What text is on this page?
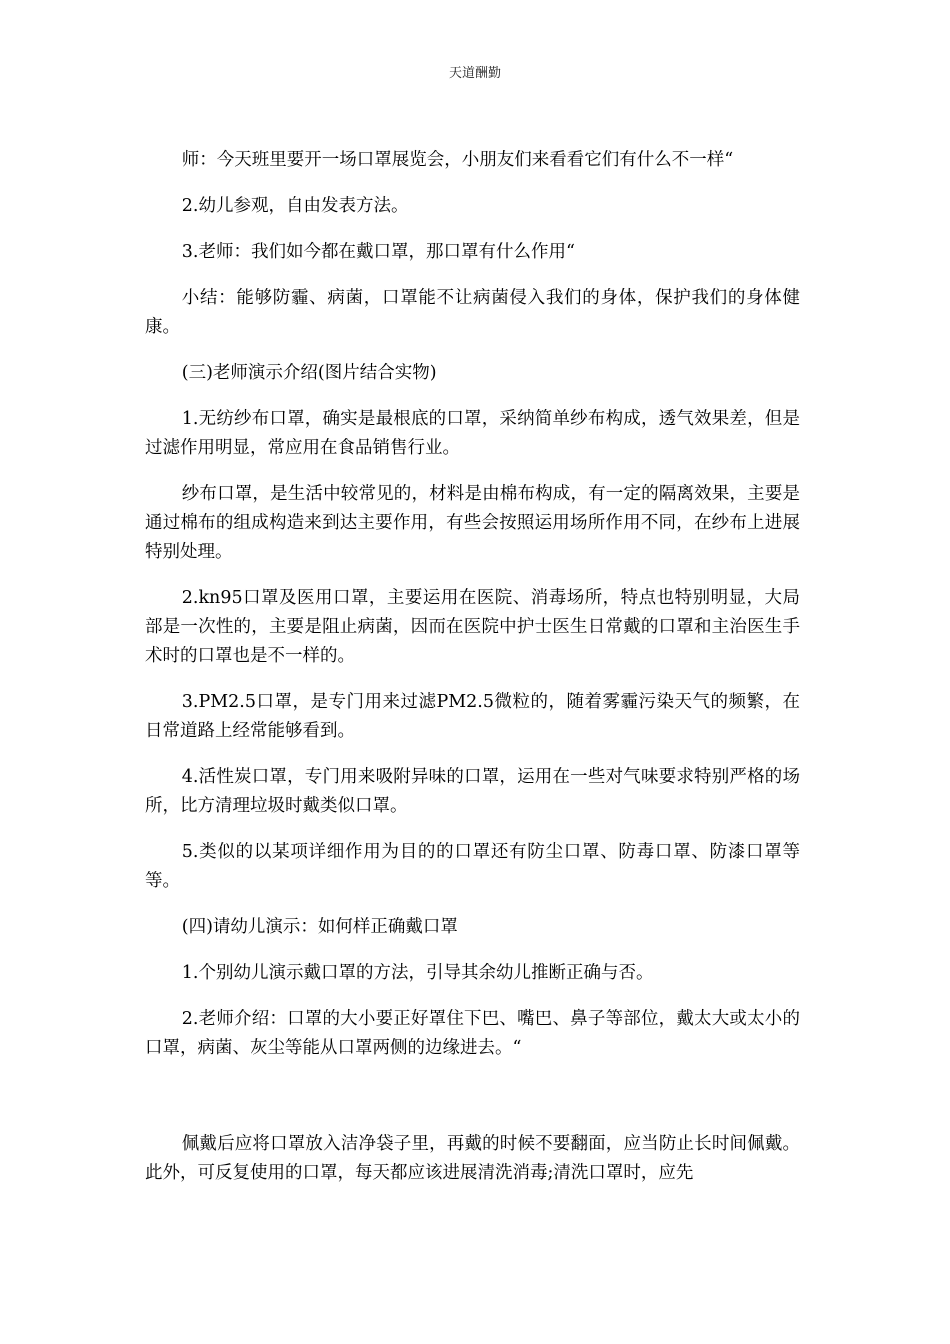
天道酬勤

师：今天班里要开一场口罩展览会，小朋友们来看看它们有什么不一样“

2.幼儿参观，自由发表方法。

3.老师：我们如今都在戴口罩，那口罩有什么作用“

小结：能够防霾、病菌，口罩能不让病菌侵入我们的身体，保护我们的身体健康。

(三)老师演示介绍(图片结合实物)

1.无纺纱布口罩，确实是最根底的口罩，采纳简单纱布构成，透气效果差，但是过滤作用明显，常应用在食品销售行业。

纱布口罩，是生活中较常见的，材料是由棉布构成，有一定的隔离效果，主要是通过棉布的组成构造来到达主要作用，有些会按照运用场所作用不同，在纱布上进展特别处理。

2.kn95口罩及医用口罩，主要运用在医院、消毒场所，特点也特别明显，大局部是一次性的，主要是阻止病菌，因而在医院中护士医生日常戴的口罩和主治医生手术时的口罩也是不一样的。

3.PM2.5口罩，是专门用来过滤PM2.5微粒的，随着雾霾污染天气的频繁，在日常道路上经常能够看到。

4.活性炭口罩，专门用来吸附异味的口罩，运用在一些对气味要求特别严格的场所，比方清理垃圾时戴类似口罩。

5.类似的以某项详细作用为目的的口罩还有防尘口罩、防毒口罩、防漆口罩等等。

(四)请幼儿演示：如何样正确戴口罩

1.个别幼儿演示戴口罩的方法，引导其余幼儿推断正确与否。

2.老师介绍：口罩的大小要正好罩住下巴、嘴巴、鼻子等部位，戴太大或太小的口罩，病菌、灰尘等能从口罩两侧的边缘进去。“

佩戴后应将口罩放入洁净袋子里，再戴的时候不要翻面，应当防止长时间佩戴。此外，可反复使用的口罩，每天都应该进展清洗消毒;清洗口罩时，应先
